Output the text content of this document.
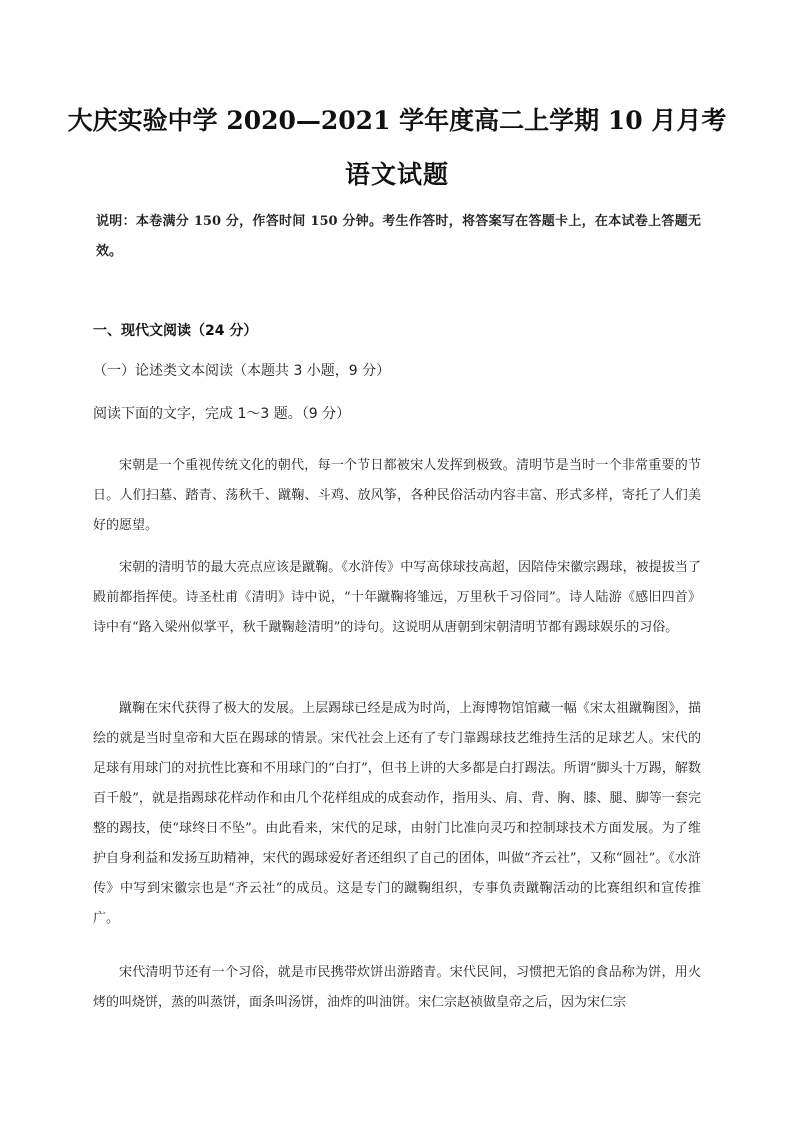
大庆实验中学 2020—2021 学年度高二上学期 10 月月考
语文试题
说明：本卷满分 150 分，作答时间 150 分钟。考生作答时，将答案写在答题卡上，在本试卷上答题无效。
一、现代文阅读（24 分）
（一）论述类文本阅读（本题共 3 小题，9 分）
阅读下面的文字，完成 1～3 题。（9 分）
宋朝是一个重视传统文化的朝代，每一个节日都被宋人发挥到极致。清明节是当时一个非常重要的节日。人们扫墓、踏青、荡秋千、蹴鞠、斗鸡、放风筝，各种民俗活动内容丰富、形式多样，寄托了人们美好的愿望。
宋朝的清明节的最大亮点应该是蹴鞠。《水浒传》中写高俅球技高超，因陪侍宋徽宗踢球，被提拔当了殿前都指挥使。诗圣杜甫《清明》诗中说，“十年蹴鞠将雏远，万里秋千习俗同”。诗人陆游《感旧四首》诗中有“路入梁州似掌平，秋千蹴鞠趁清明”的诗句。这说明从唐朝到宋朝清明节都有踢球娱乐的习俗。
蹴鞠在宋代获得了极大的发展。上层踢球已经是成为时尚，上海博物馆馆藏一幅《宋太祖蹴鞠图》，描绘的就是当时皇帝和大臣在踢球的情景。宋代社会上还有了专门靠踢球技艺维持生活的足球艺人。宋代的足球有用球门的对抗性比赛和不用球门的“白打”，但书上讲的大多都是白打踢法。所谓“脚头十万踢，解数百千般”，就是指踢球花样动作和由几个花样组成的成套动作，指用头、肩、背、胸、膝、腿、脚等一套完整的踢技，使“球终日不坠”。由此看来，宋代的足球，由射门比准向灵巧和控制球技术方面发展。为了维护自身利益和发扬互助精神，宋代的踢球爱好者还组织了自己的团体，叫做“齐云社”，又称“圆社”。《水浒传》中写到宋徽宗也是“齐云社”的成员。这是专门的蹴鞠组织，专事负责蹴鞠活动的比赛组织和宣传推广。
宋代清明节还有一个习俗，就是市民携带炊饼出游踏青。宋代民间，习惯把无馅的食品称为饼，用火烤的叫烧饼，蒸的叫蒸饼，面条叫汤饼，油炸的叫油饼。宋仁宗赵祯做皇帝之后，因为宋仁宗
